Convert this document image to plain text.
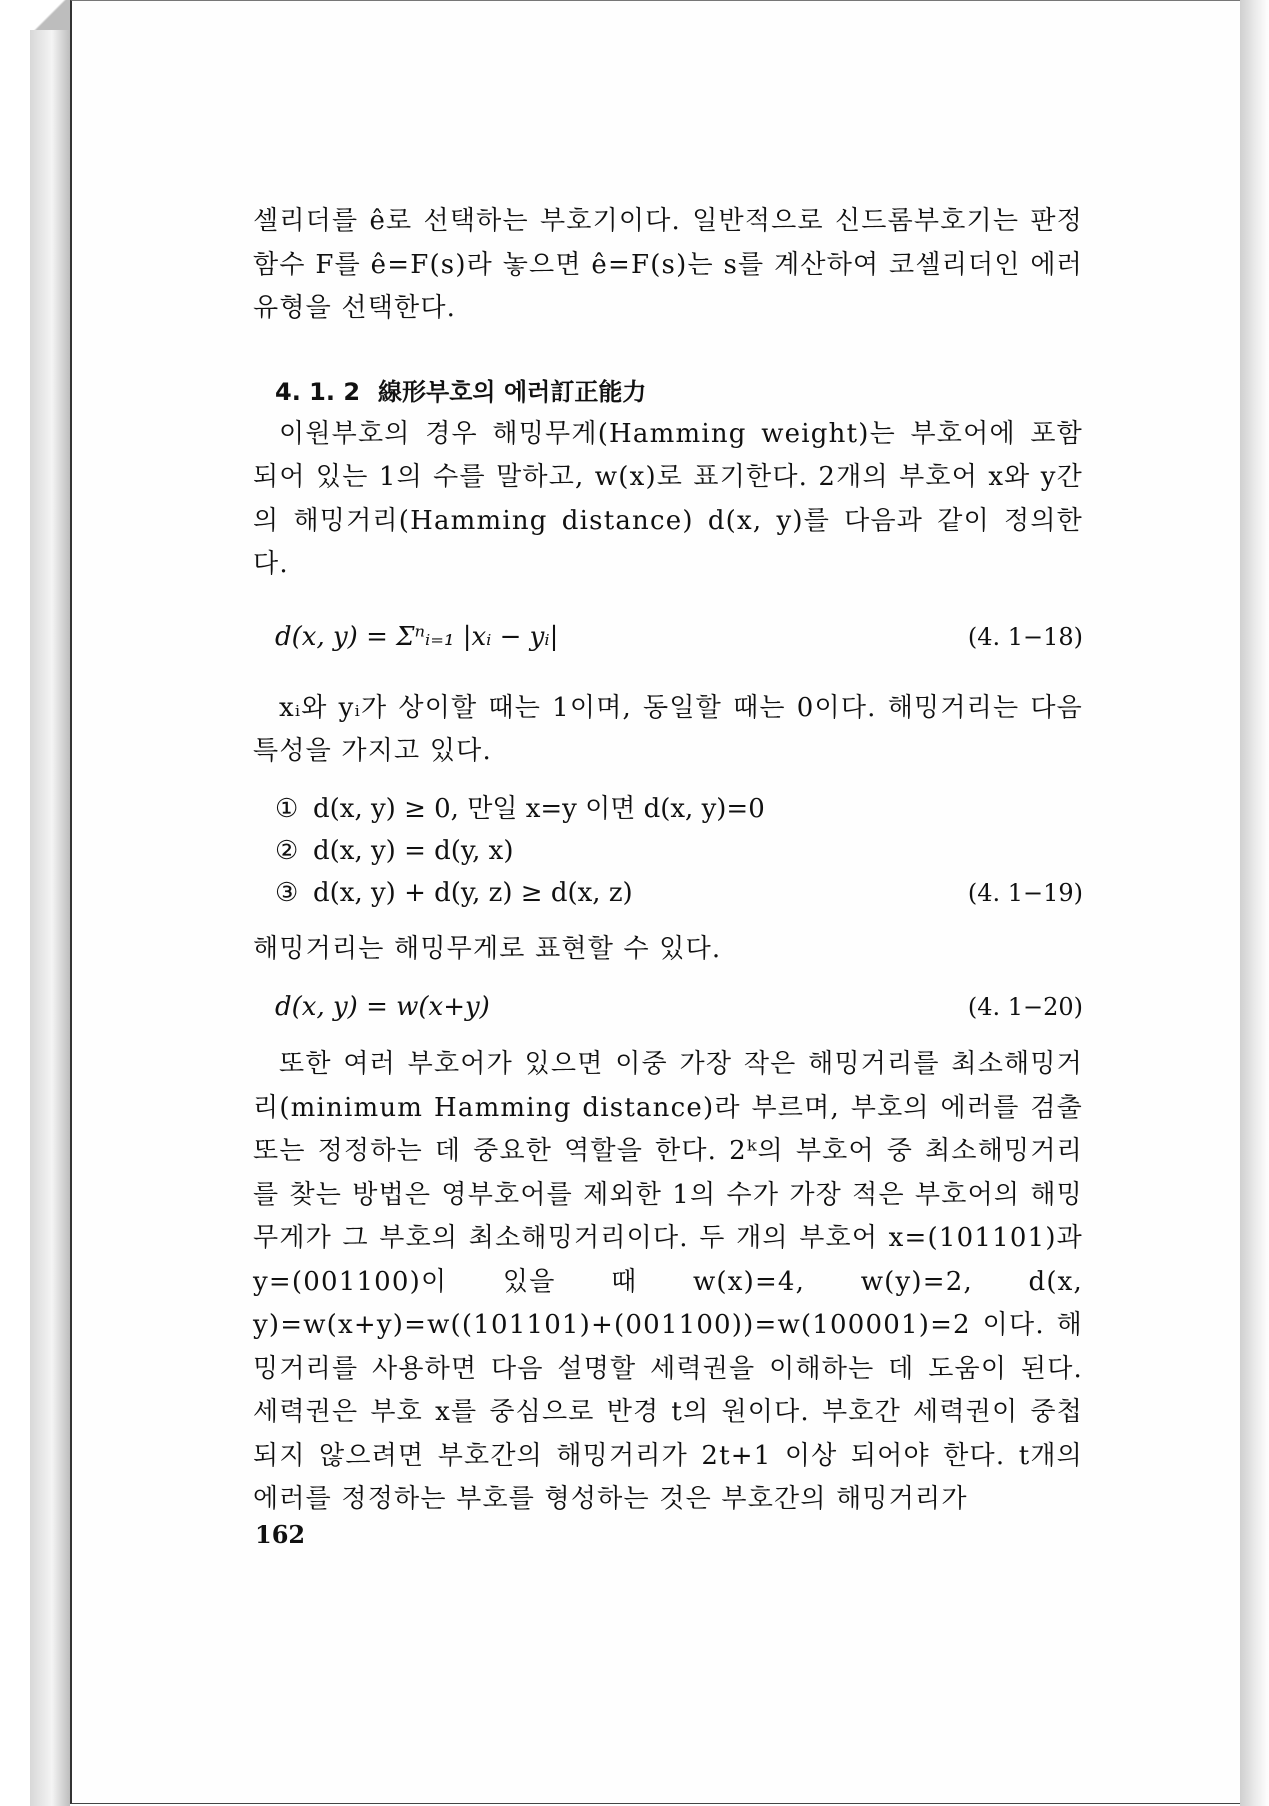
셀리더를 ê로 선택하는 부호기이다. 일반적으로 신드롬부호기는 판정함수 F를 ê=F(s)라 놓으면 ê=F(s)는 s를 계산하여 코셀리더인 에러유형을 선택한다.

4. 1. 2 線形부호의 에러訂正能力

이원부호의 경우 해밍무게(Hamming weight)는 부호어에 포함되어 있는 1의 수를 말하고, w(x)로 표기한다. 2개의 부호어 x와 y간의 해밍거리(Hamming distance) d(x, y)를 다음과 같이 정의한다.

d(x, y) = Σⁿᵢ₌₁ |xᵢ − yᵢ|	(4. 1−18)

xᵢ와 yᵢ가 상이할 때는 1이며, 동일할 때는 0이다. 해밍거리는 다음 특성을 가지고 있다.

① d(x, y) ≥ 0, 만일 x=y 이면 d(x, y)=0
② d(x, y) = d(y, x)
③ d(x, y) + d(y, z) ≥ d(x, z)	(4. 1−19)

해밍거리는 해밍무게로 표현할 수 있다.

d(x, y) = w(x+y)	(4. 1−20)

또한 여러 부호어가 있으면 이중 가장 작은 해밍거리를 최소해밍거리(minimum Hamming distance)라 부르며, 부호의 에러를 검출 또는 정정하는 데 중요한 역할을 한다. 2ᵏ의 부호어 중 최소해밍거리를 찾는 방법은 영부호어를 제외한 1의 수가 가장 적은 부호어의 해밍무게가 그 부호의 최소해밍거리이다. 두 개의 부호어 x=(101101)과 y=(001100)이 있을 때 w(x)=4, w(y)=2, d(x, y)=w(x+y)=w((101101)+(001100))=w(100001)=2 이다. 해밍거리를 사용하면 다음 설명할 세력권을 이해하는 데 도움이 된다. 세력권은 부호 x를 중심으로 반경 t의 원이다. 부호간 세력권이 중첩되지 않으려면 부호간의 해밍거리가 2t+1 이상 되어야 한다. t개의 에러를 정정하는 부호를 형성하는 것은 부호간의 해밍거리가

162
